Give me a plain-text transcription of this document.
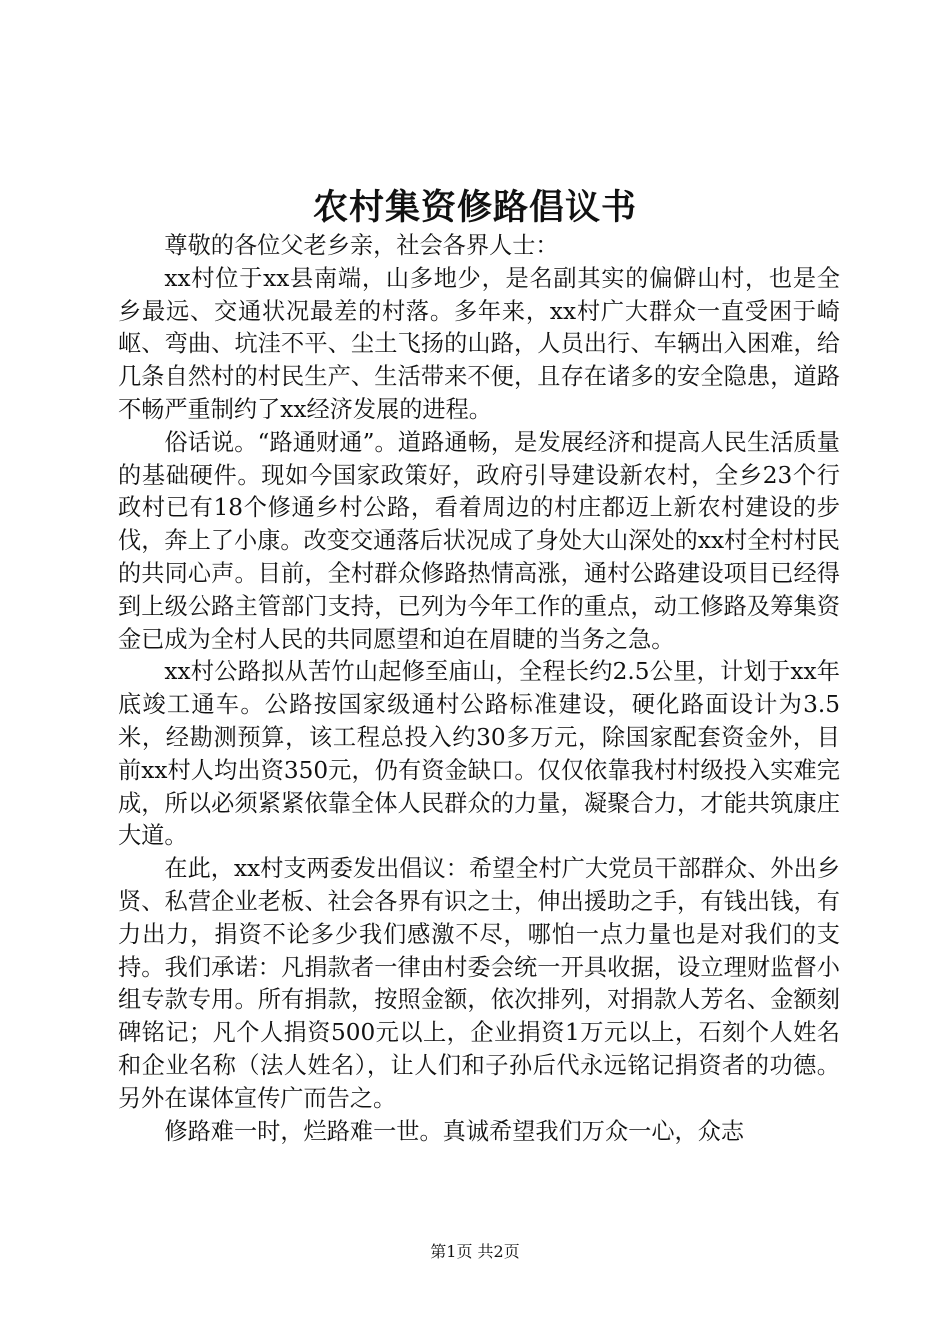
农村集资修路倡议书

尊敬的各位父老乡亲，社会各界人士：

xx村位于xx县南端，山多地少，是名副其实的偏僻山村，也是全乡最远、交通状况最差的村落。多年来，xx村广大群众一直受困于崎岖、弯曲、坑洼不平、尘土飞扬的山路，人员出行、车辆出入困难，给几条自然村的村民生产、生活带来不便，且存在诸多的安全隐患，道路不畅严重制约了xx经济发展的进程。

俗话说。“路通财通”。道路通畅，是发展经济和提高人民生活质量的基础硬件。现如今国家政策好，政府引导建设新农村，全乡23个行政村已有18个修通乡村公路，看着周边的村庄都迈上新农村建设的步伐，奔上了小康。改变交通落后状况成了身处大山深处的xx村全村村民的共同心声。目前，全村群众修路热情高涨，通村公路建设项目已经得到上级公路主管部门支持，已列为今年工作的重点，动工修路及筹集资金已成为全村人民的共同愿望和迫在眉睫的当务之急。

xx村公路拟从苦竹山起修至庙山，全程长约2.5公里，计划于xx年底竣工通车。公路按国家级通村公路标准建设，硬化路面设计为3.5米，经勘测预算，该工程总投入约30多万元，除国家配套资金外，目前xx村人均出资350元，仍有资金缺口。仅仅依靠我村村级投入实难完成，所以必须紧紧依靠全体人民群众的力量，凝聚合力，才能共筑康庄大道。

在此，xx村支两委发出倡议：希望全村广大党员干部群众、外出乡贤、私营企业老板、社会各界有识之士，伸出援助之手，有钱出钱，有力出力，捐资不论多少我们感激不尽，哪怕一点力量也是对我们的支持。我们承诺：凡捐款者一律由村委会统一开具收据，设立理财监督小组专款专用。所有捐款，按照金额，依次排列，对捐款人芳名、金额刻碑铭记；凡个人捐资500元以上，企业捐资1万元以上，石刻个人姓名和企业名称（法人姓名），让人们和子孙后代永远铭记捐资者的功德。另外在谋体宣传广而告之。

修路难一时，烂路难一世。真诚希望我们万众一心，众志

第1页 共2页
